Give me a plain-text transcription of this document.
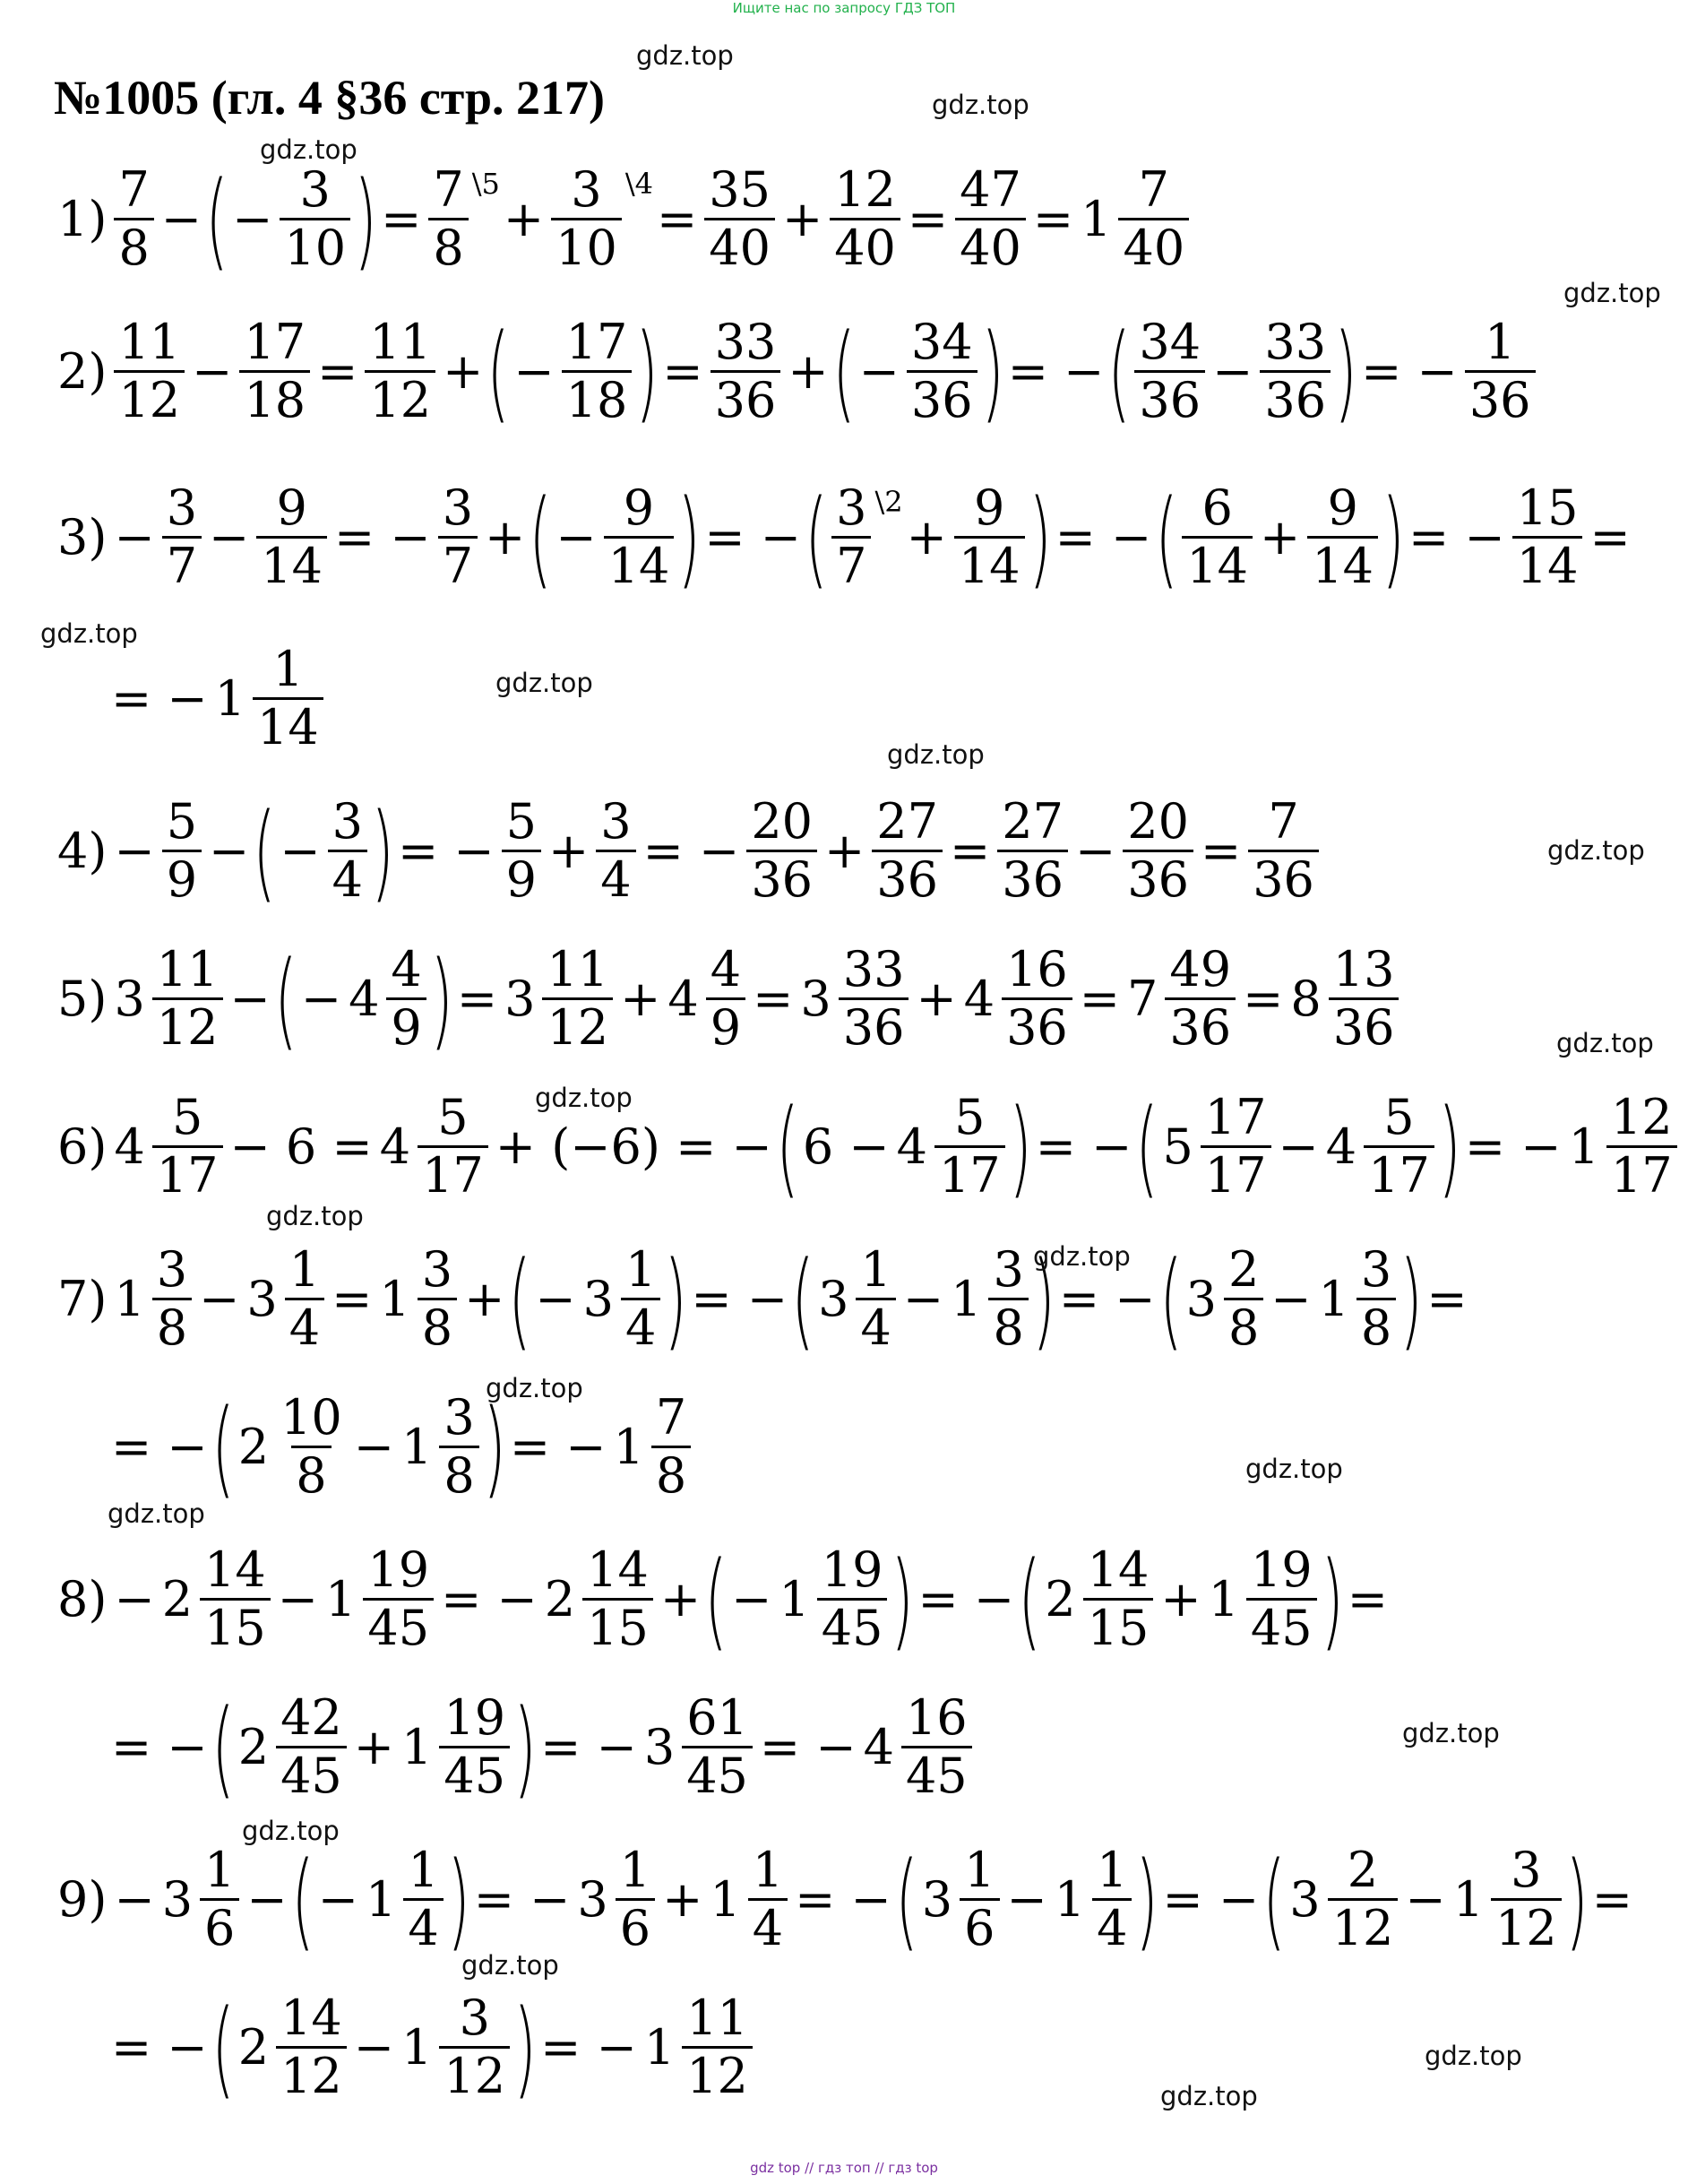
Ищите нас по запросу ГДЗ ТОП
№1005 (гл. 4 §36 стр. 217)
$1) \frac{7}{8}$ − ( − $\frac{3}{10}$ ) = $\frac{7}{8}$ \5
+ $\frac{3}{10}$ \4
= $\frac{35}{40} + \frac{12}{40} = \frac{47}{40} = 1 \frac{7}{40}$
$2) \frac{11}{12} - \frac{17}{18} = \frac{11}{12}$ + ( − $\frac{17}{18}$ ) = $\frac{33}{36}$ + ( − $\frac{34}{36}$ ) = − ( $\frac{34}{36} - \frac{33}{36}$ ) = − $\frac{1}{36}$
$3) - \frac{3}{7} - \frac{9}{14}$ = − $\frac{3}{7}$ + ( − $\frac{9}{14}$ ) = − ( $\frac{3}{7}$ \2
+ $\frac{9}{14}$ ) = − ( $\frac{6}{14} + \frac{9}{14}$ ) = − $\frac{15}{14}$ =
= − $1 \frac{1}{14}$
$4) - \frac{5}{9}$ − ( − $\frac{3}{4}$ ) = − $\frac{5}{9} + \frac{3}{4}$ = − $\frac{20}{36} + \frac{27}{36} = \frac{27}{36} - \frac{20}{36} = \frac{7}{36}$
5) $3 \frac{11}{12}$ − ( − $4 \frac{4}{9}$ ) = $3 \frac{11}{12} + 4 \frac{4}{9} = 3 \frac{33}{36} + 4 \frac{16}{36} = 7 \frac{49}{36} = 8 \frac{13}{36}$
6) $4 \frac{5}{17} - 6 = 4 \frac{5}{17} + (-6)$ = − ( $6 - 4 \frac{5}{17}$ ) = − ( $5 \frac{17}{17} - 4 \frac{5}{17}$ ) = − $1 \frac{12}{17}$
7) $1 \frac{3}{8} - 3 \frac{1}{4} = 1 \frac{3}{8}$ + ( − $3 \frac{1}{4}$ ) = − ( $3 \frac{1}{4} - 1 \frac{3}{8}$ ) = − ( $3 \frac{2}{8} - 1 \frac{3}{8}$ ) =
= − ( $2 \frac{10}{8} - 1 \frac{3}{8}$ ) = − $1 \frac{7}{8}$
$8) - 2 \frac{14}{15} - 1 \frac{19}{45}$ = − $2 \frac{14}{15}$ + ( − $1 \frac{19}{45}$ ) = − ( $2 \frac{14}{15} + 1 \frac{19}{45}$ ) =
= − ( $2 \frac{42}{45} + 1 \frac{19}{45}$ ) = − $3 \frac{61}{45}$ = − $4 \frac{16}{45}$
$9) - 3 \frac{1}{6}$ − ( − $1 \frac{1}{4}$ ) = − $3 \frac{1}{6} + 1 \frac{1}{4}$ = − ( $3 \frac{1}{6} - 1 \frac{1}{4}$ ) = − ( $3 \frac{2}{12} - 1 \frac{3}{12}$ ) =
= − ( $2 \frac{14}{12} - 1 \frac{3}{12}$ ) = − $1 \frac{11}{12}$
gdz.top
gdz.top
gdz.top
gdz.top
gdz.top
gdz.top
gdz.top
gdz.top
gdz.top
gdz.top
gdz.top
gdz.top
gdz.top
gdz.top
gdz.top
gdz.top
gdz.top
gdz.top
gdz.top
gdz.top
gdz top // гдз топ // гдз top
